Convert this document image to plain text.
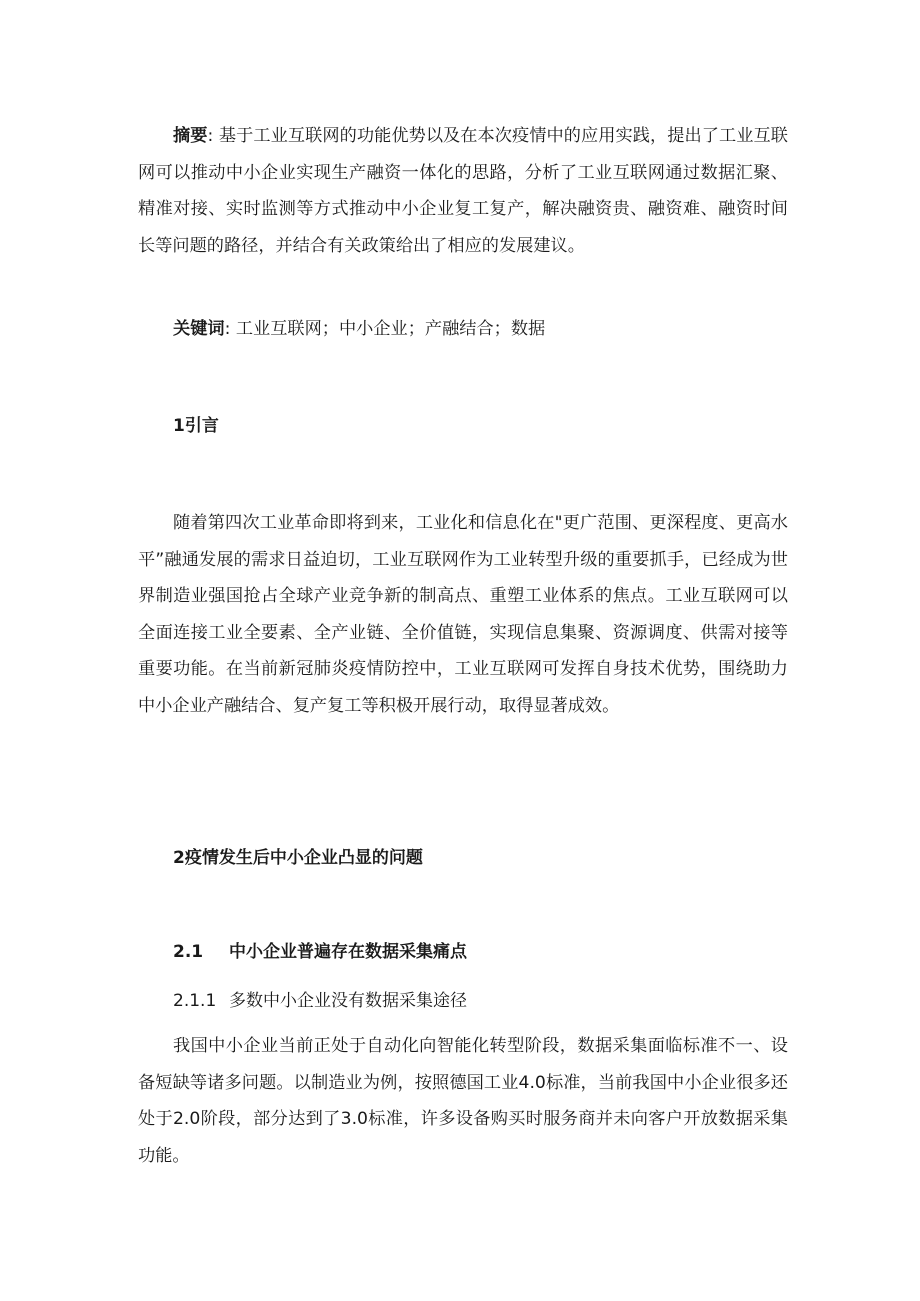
摘要: 基于工业互联网的功能优势以及在本次疫情中的应用实践，提出了工业互联网可以推动中小企业实现生产融资一体化的思路，分析了工业互联网通过数据汇聚、精准对接、实时监测等方式推动中小企业复工复产，解决融资贵、融资难、融资时间长等问题的路径，并结合有关政策给出了相应的发展建议。

关键词: 工业互联网；中小企业；产融结合；数据

1引言

随着第四次工业革命即将到来，工业化和信息化在"更广范围、更深程度、更高水平”融通发展的需求日益迫切，工业互联网作为工业转型升级的重要抓手，已经成为世界制造业强国抢占全球产业竞争新的制高点、重塑工业体系的焦点。工业互联网可以全面连接工业全要素、全产业链、全价值链，实现信息集聚、资源调度、供需对接等重要功能。在当前新冠肺炎疫情防控中，工业互联网可发挥自身技术优势，围绕助力中小企业产融结合、复产复工等积极开展行动，取得显著成效。

2疫情发生后中小企业凸显的问题
2.1 中小企业普遍存在数据采集痛点

2.1.1 多数中小企业没有数据采集途径

我国中小企业当前正处于自动化向智能化转型阶段，数据采集面临标准不一、设备短缺等诸多问题。以制造业为例，按照德国工业4.0标准，当前我国中小企业很多还处于2.0阶段，部分达到了3.0标准，许多设备购买时服务商并未向客户开放数据采集功能。
